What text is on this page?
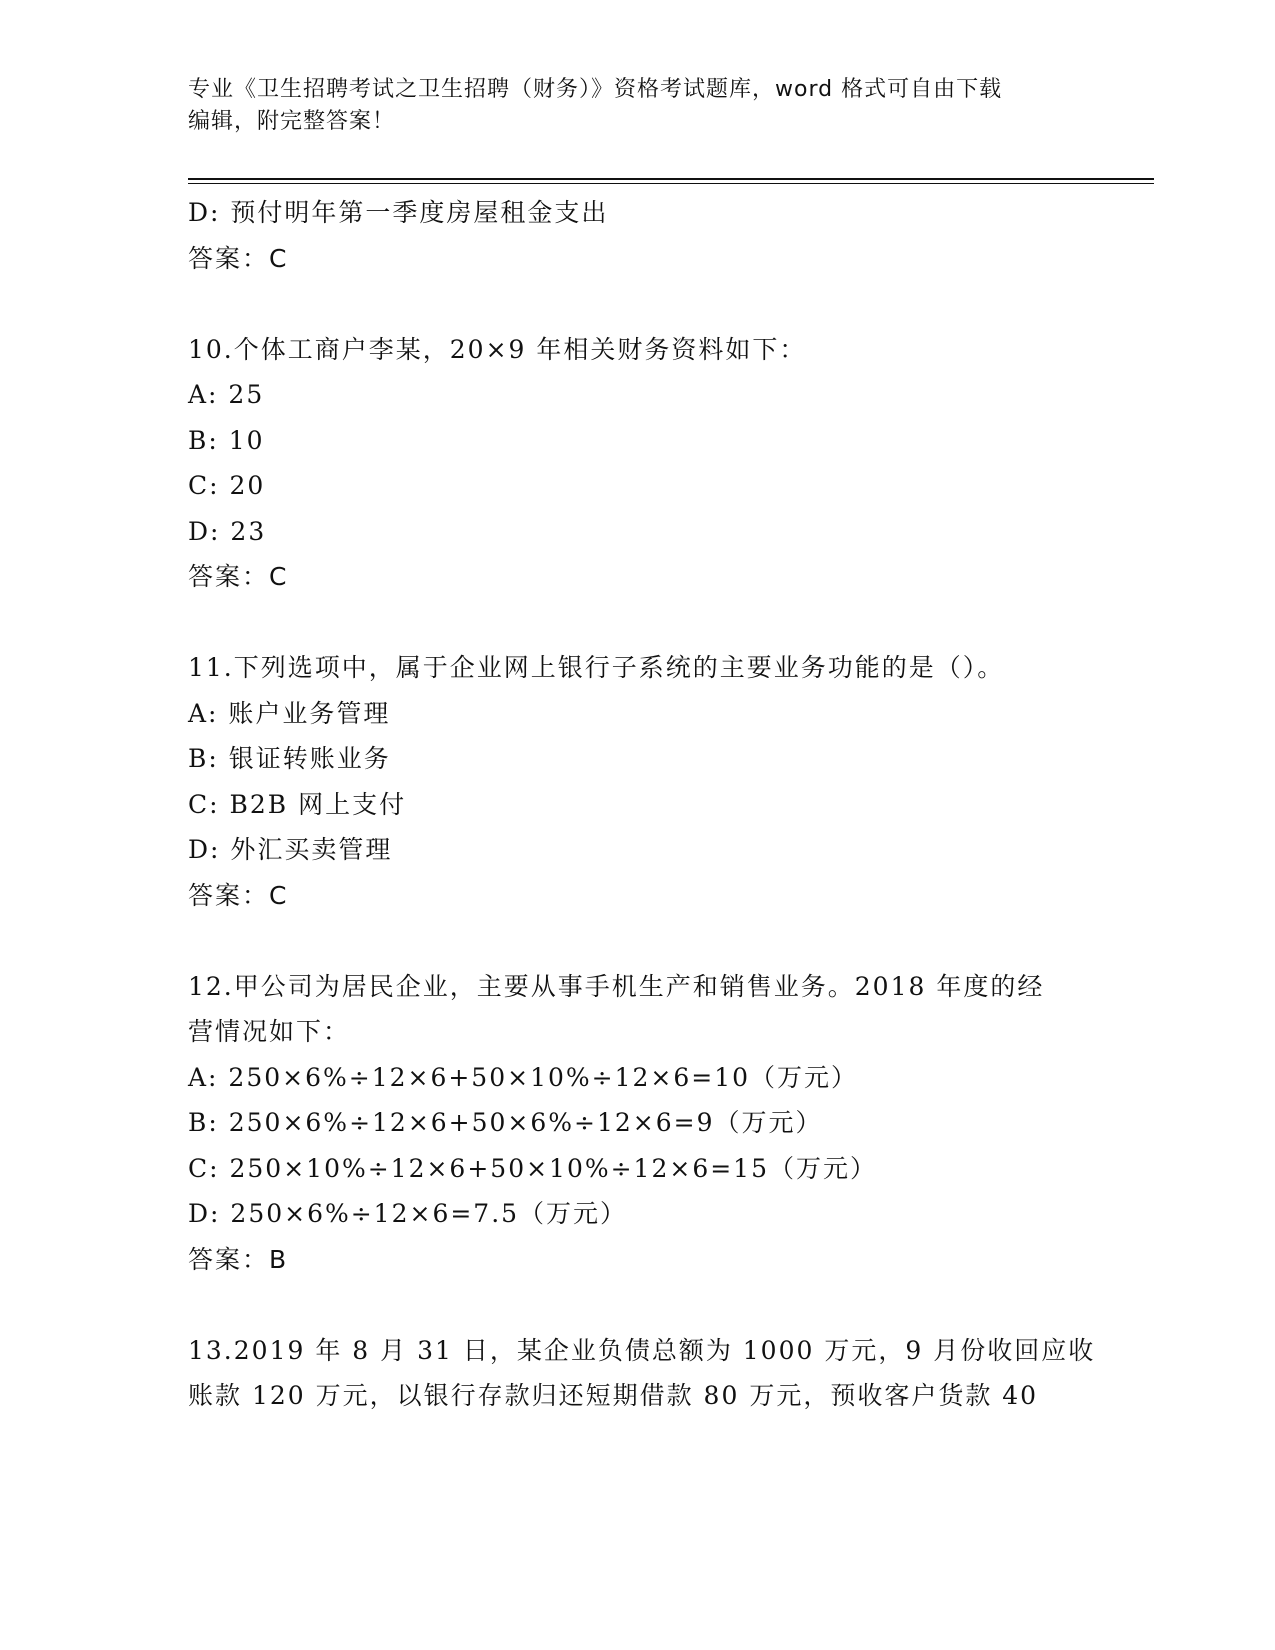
专业《卫生招聘考试之卫生招聘（财务）》资格考试题库，word 格式可自由下载
编辑，附完整答案！
D: 预付明年第一季度房屋租金支出
答案：C
10.个体工商户李某，20×9 年相关财务资料如下：
A: 25
B: 10
C: 20
D: 23
答案：C
11.下列选项中，属于企业网上银行子系统的主要业务功能的是（）。
A: 账户业务管理
B: 银证转账业务
C: B2B 网上支付
D: 外汇买卖管理
答案：C
12.甲公司为居民企业，主要从事手机生产和销售业务。2018 年度的经
营情况如下：
A: 250×6%÷12×6+50×10%÷12×6=10（万元）
B: 250×6%÷12×6+50×6%÷12×6=9（万元）
C: 250×10%÷12×6+50×10%÷12×6=15（万元）
D: 250×6%÷12×6=7.5（万元）
答案：B
13.2019 年 8 月 31 日，某企业负债总额为 1000 万元，9 月份收回应收
账款 120 万元，以银行存款归还短期借款 80 万元，预收客户货款 40
